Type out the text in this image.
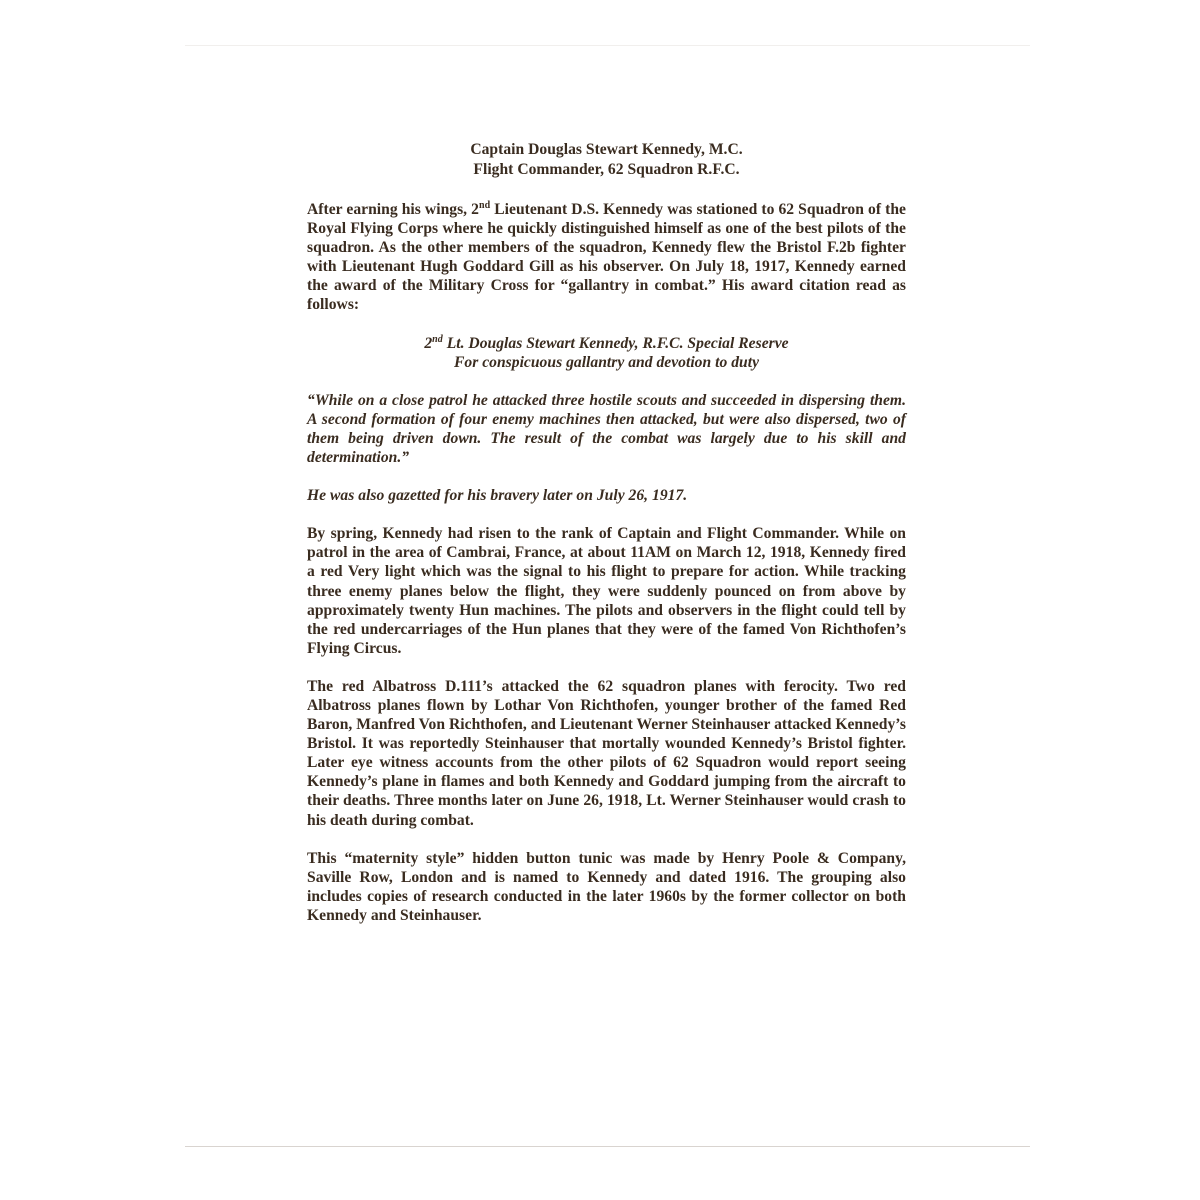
Captain Douglas Stewart Kennedy, M.C.
Flight Commander, 62 Squadron R.F.C.

After earning his wings, 2nd Lieutenant D.S. Kennedy was stationed to 62 Squadron of the Royal Flying Corps where he quickly distinguished himself as one of the best pilots of the squadron. As the other members of the squadron, Kennedy flew the Bristol F.2b fighter with Lieutenant Hugh Goddard Gill as his observer. On July 18, 1917, Kennedy earned the award of the Military Cross for “gallantry in combat.” His award citation read as follows:

2nd Lt. Douglas Stewart Kennedy, R.F.C. Special Reserve
For conspicuous gallantry and devotion to duty

“While on a close patrol he attacked three hostile scouts and succeeded in dispersing them. A second formation of four enemy machines then attacked, but were also dispersed, two of them being driven down. The result of the combat was largely due to his skill and determination.”

He was also gazetted for his bravery later on July 26, 1917.

By spring, Kennedy had risen to the rank of Captain and Flight Commander. While on patrol in the area of Cambrai, France, at about 11AM on March 12, 1918, Kennedy fired a red Very light which was the signal to his flight to prepare for action. While tracking three enemy planes below the flight, they were suddenly pounced on from above by approximately twenty Hun machines. The pilots and observers in the flight could tell by the red undercarriages of the Hun planes that they were of the famed Von Richthofen’s Flying Circus.

The red Albatross D.111’s attacked the 62 squadron planes with ferocity. Two red Albatross planes flown by Lothar Von Richthofen, younger brother of the famed Red Baron, Manfred Von Richthofen, and Lieutenant Werner Steinhauser attacked Kennedy’s Bristol. It was reportedly Steinhauser that mortally wounded Kennedy’s Bristol fighter. Later eye witness accounts from the other pilots of 62 Squadron would report seeing Kennedy’s plane in flames and both Kennedy and Goddard jumping from the aircraft to their deaths. Three months later on June 26, 1918, Lt. Werner Steinhauser would crash to his death during combat.

This “maternity style” hidden button tunic was made by Henry Poole & Company, Saville Row, London and is named to Kennedy and dated 1916. The grouping also includes copies of research conducted in the later 1960s by the former collector on both Kennedy and Steinhauser.
